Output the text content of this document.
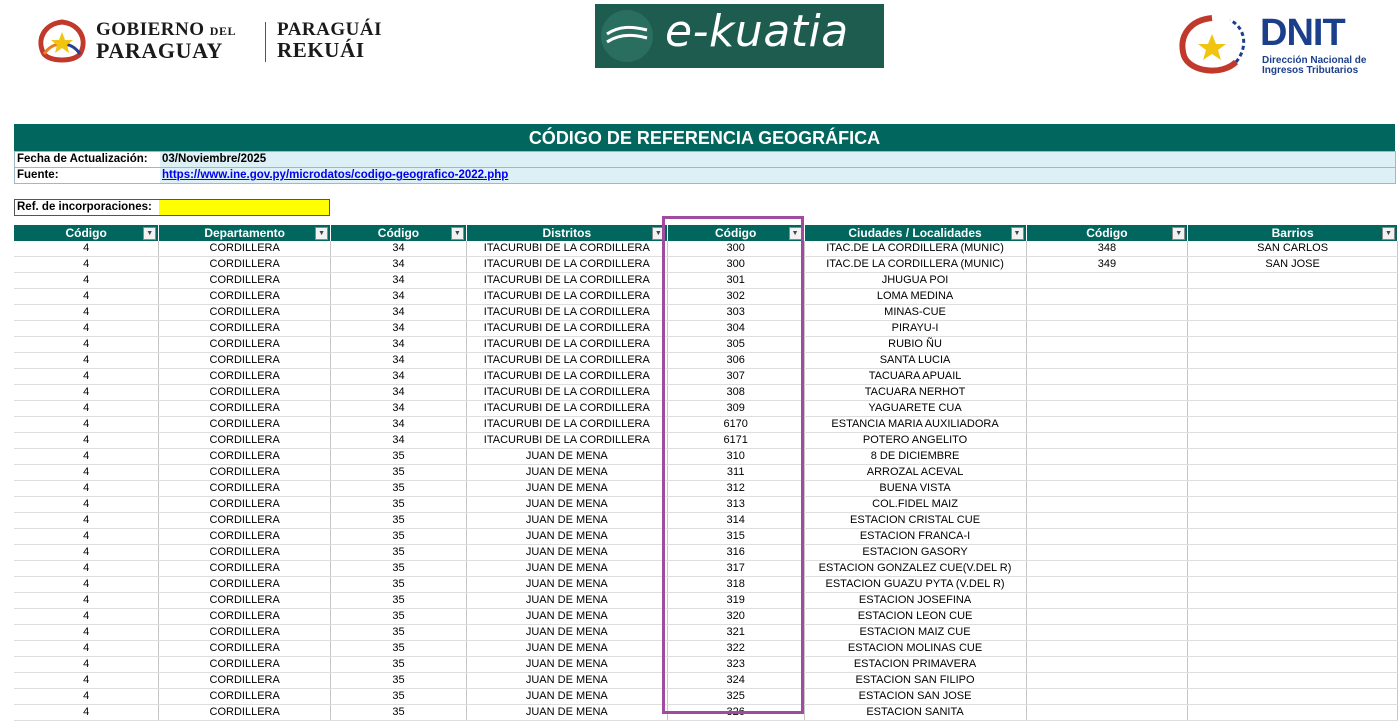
GOBIERNO DEL
PARAGUAY
PARAGUÁI
REKUÁI	e-kuatia	DNIT
Dirección Nacional de
Ingresos Tributarios
CÓDIGO DE REFERENCIA GEOGRÁFICA
Fecha de Actualización:	03/Noviembre/2025
Fuente:	https://www.ine.gov.py/microdatos/codigo-geografico-2022.php
Ref. de incorporaciones:
Código ▼	Departamento ▼	Código ▼	Distritos ▼	Código ▼	Ciudades / Localidades ▼	Código ▼	Barrios ▼

4	CORDILLERA	34	ITACURUBI DE LA CORDILLERA	300	ITAC.DE LA CORDILLERA (MUNIC)	348	SAN CARLOS
4	CORDILLERA	34	ITACURUBI DE LA CORDILLERA	300	ITAC.DE LA CORDILLERA (MUNIC)	349	SAN JOSE
4	CORDILLERA	34	ITACURUBI DE LA CORDILLERA	301	JHUGUA POI		
4	CORDILLERA	34	ITACURUBI DE LA CORDILLERA	302	LOMA MEDINA		
4	CORDILLERA	34	ITACURUBI DE LA CORDILLERA	303	MINAS-CUE		
4	CORDILLERA	34	ITACURUBI DE LA CORDILLERA	304	PIRAYU-I		
4	CORDILLERA	34	ITACURUBI DE LA CORDILLERA	305	RUBIO ÑU		
4	CORDILLERA	34	ITACURUBI DE LA CORDILLERA	306	SANTA LUCIA		
4	CORDILLERA	34	ITACURUBI DE LA CORDILLERA	307	TACUARA APUAIL		
4	CORDILLERA	34	ITACURUBI DE LA CORDILLERA	308	TACUARA NERHOT		
4	CORDILLERA	34	ITACURUBI DE LA CORDILLERA	309	YAGUARETE CUA		
4	CORDILLERA	34	ITACURUBI DE LA CORDILLERA	6170	ESTANCIA MARIA AUXILIADORA		
4	CORDILLERA	34	ITACURUBI DE LA CORDILLERA	6171	POTERO ANGELITO		
4	CORDILLERA	35	JUAN DE MENA	310	8 DE DICIEMBRE		
4	CORDILLERA	35	JUAN DE MENA	311	ARROZAL ACEVAL		
4	CORDILLERA	35	JUAN DE MENA	312	BUENA VISTA		
4	CORDILLERA	35	JUAN DE MENA	313	COL.FIDEL MAIZ		
4	CORDILLERA	35	JUAN DE MENA	314	ESTACION CRISTAL CUE		
4	CORDILLERA	35	JUAN DE MENA	315	ESTACION FRANCA-I		
4	CORDILLERA	35	JUAN DE MENA	316	ESTACION GASORY		
4	CORDILLERA	35	JUAN DE MENA	317	ESTACION GONZALEZ CUE(V.DEL R)		
4	CORDILLERA	35	JUAN DE MENA	318	ESTACION GUAZU PYTA (V.DEL R)		
4	CORDILLERA	35	JUAN DE MENA	319	ESTACION JOSEFINA		
4	CORDILLERA	35	JUAN DE MENA	320	ESTACION LEON CUE		
4	CORDILLERA	35	JUAN DE MENA	321	ESTACION MAIZ CUE		
4	CORDILLERA	35	JUAN DE MENA	322	ESTACION MOLINAS CUE		
4	CORDILLERA	35	JUAN DE MENA	323	ESTACION PRIMAVERA		
4	CORDILLERA	35	JUAN DE MENA	324	ESTACION SAN FILIPO		
4	CORDILLERA	35	JUAN DE MENA	325	ESTACION SAN JOSE		
4	CORDILLERA	35	JUAN DE MENA	326	ESTACION SANITA		
